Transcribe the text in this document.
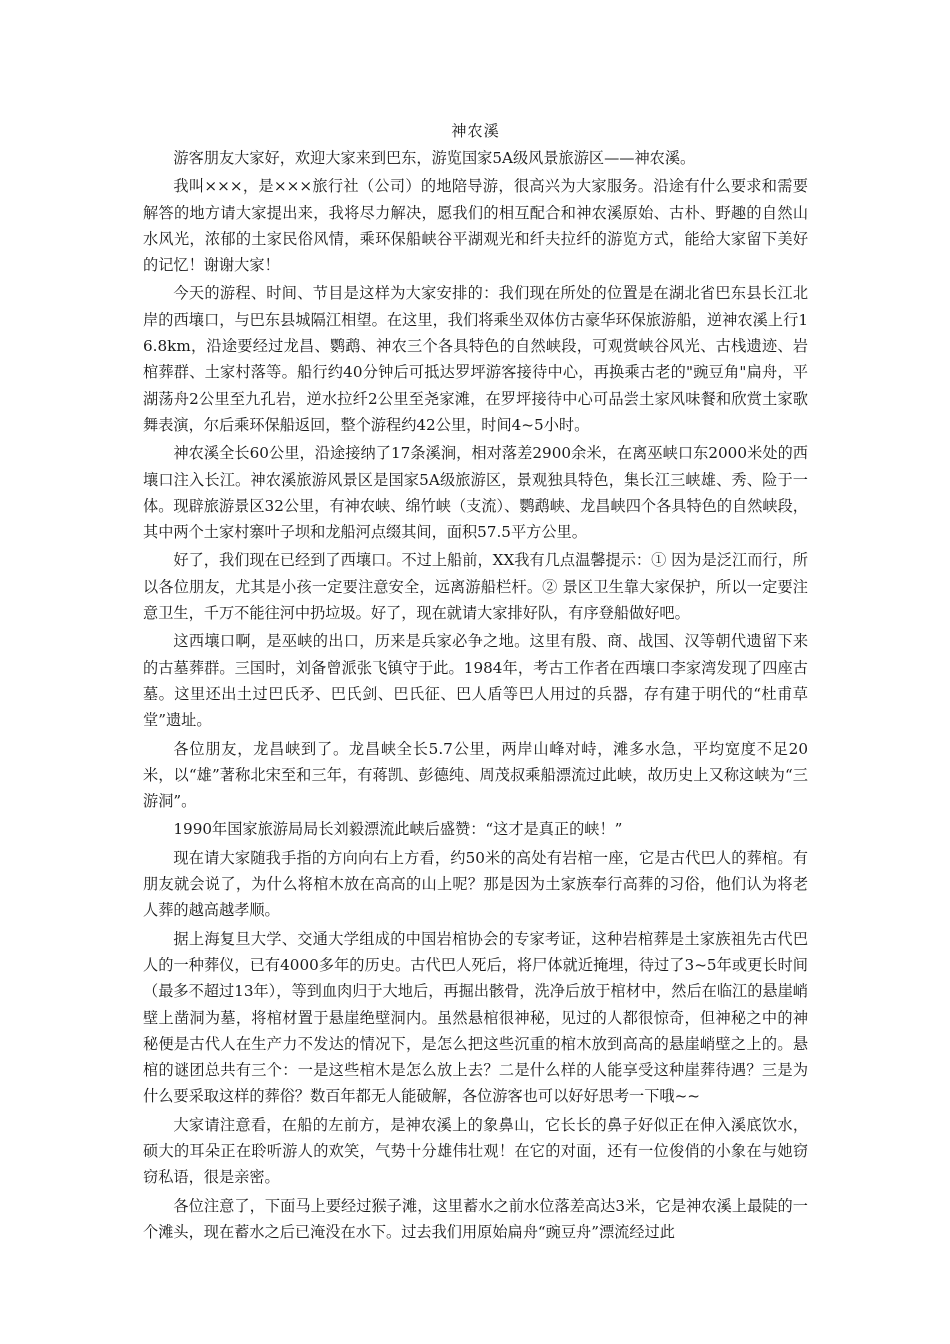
神农溪

游客朋友大家好，欢迎大家来到巴东，游览国家5A级风景旅游区——神农溪。

我叫×××，是×××旅行社（公司）的地陪导游，很高兴为大家服务。沿途有什么要求和需要解答的地方请大家提出来，我将尽力解决，愿我们的相互配合和神农溪原始、古朴、野趣的自然山水风光，浓郁的土家民俗风情，乘环保船峡谷平湖观光和纤夫拉纤的游览方式，能给大家留下美好的记忆！谢谢大家！

今天的游程、时间、节目是这样为大家安排的：我们现在所处的位置是在湖北省巴东县长江北岸的西壤口，与巴东县城隔江相望。在这里，我们将乘坐双体仿古豪华环保旅游船，逆神农溪上行16.8km，沿途要经过龙昌、鹦鹉、神农三个各具特色的自然峡段，可观赏峡谷风光、古栈遗迹、岩棺葬群、土家村落等。船行约40分钟后可抵达罗坪游客接待中心，再换乘古老的"豌豆角"扁舟，平湖荡舟2公里至九孔岩，逆水拉纤2公里至尧家滩，在罗坪接待中心可品尝土家风味餐和欣赏土家歌舞表演，尔后乘环保船返回，整个游程约42公里，时间4~5小时。

神农溪全长60公里，沿途接纳了17条溪涧，相对落差2900余米，在离巫峡口东2000米处的西壤口注入长江。神农溪旅游风景区是国家5A级旅游区，景观独具特色，集长江三峡雄、秀、险于一体。现辟旅游景区32公里，有神农峡、绵竹峡（支流）、鹦鹉峡、龙昌峡四个各具特色的自然峡段，其中两个土家村寨叶子坝和龙船河点缀其间，面积57.5平方公里。

好了，我们现在已经到了西壤口。不过上船前，XX我有几点温馨提示：① 因为是泛江而行，所以各位朋友，尤其是小孩一定要注意安全，远离游船栏杆。② 景区卫生靠大家保护，所以一定要注意卫生，千万不能往河中扔垃圾。好了，现在就请大家排好队，有序登船做好吧。

这西壤口啊，是巫峡的出口，历来是兵家必争之地。这里有殷、商、战国、汉等朝代遗留下来的古墓葬群。三国时，刘备曾派张飞镇守于此。1984年，考古工作者在西壤口李家湾发现了四座古墓。这里还出土过巴氏矛、巴氏剑、巴氏征、巴人盾等巴人用过的兵器，存有建于明代的“杜甫草堂”遗址。

各位朋友，龙昌峡到了。龙昌峡全长5.7公里，两岸山峰对峙，滩多水急，平均宽度不足20米，以“雄”著称北宋至和三年，有蒋凯、彭德纯、周茂叔乘船漂流过此峡，故历史上又称这峡为“三游洞”。

1990年国家旅游局局长刘毅漂流此峡后盛赞：“这才是真正的峡！”

现在请大家随我手指的方向向右上方看，约50米的高处有岩棺一座，它是古代巴人的葬棺。有朋友就会说了，为什么将棺木放在高高的山上呢？那是因为土家族奉行高葬的习俗，他们认为将老人葬的越高越孝顺。

据上海复旦大学、交通大学组成的中国岩棺协会的专家考证，这种岩棺葬是土家族祖先古代巴人的一种葬仪，已有4000多年的历史。古代巴人死后，将尸体就近掩埋，待过了3~5年或更长时间（最多不超过13年），等到血肉归于大地后，再掘出骸骨，洗净后放于棺材中，然后在临江的悬崖峭壁上凿洞为墓，将棺材置于悬崖绝壁洞内。虽然悬棺很神秘，见过的人都很惊奇，但神秘之中的神秘便是古代人在生产力不发达的情况下，是怎么把这些沉重的棺木放到高高的悬崖峭壁之上的。悬棺的谜团总共有三个：一是这些棺木是怎么放上去？二是什么样的人能享受这种崖葬待遇？三是为什么要采取这样的葬俗？数百年都无人能破解，各位游客也可以好好思考一下哦~~

大家请注意看，在船的左前方，是神农溪上的象鼻山，它长长的鼻子好似正在伸入溪底饮水，硕大的耳朵正在聆听游人的欢笑，气势十分雄伟壮观！在它的对面，还有一位俊俏的小象在与她窃窃私语，很是亲密。

各位注意了，下面马上要经过猴子滩，这里蓄水之前水位落差高达3米，它是神农溪上最陡的一个滩头，现在蓄水之后已淹没在水下。过去我们用原始扁舟“豌豆舟”漂流经过此
